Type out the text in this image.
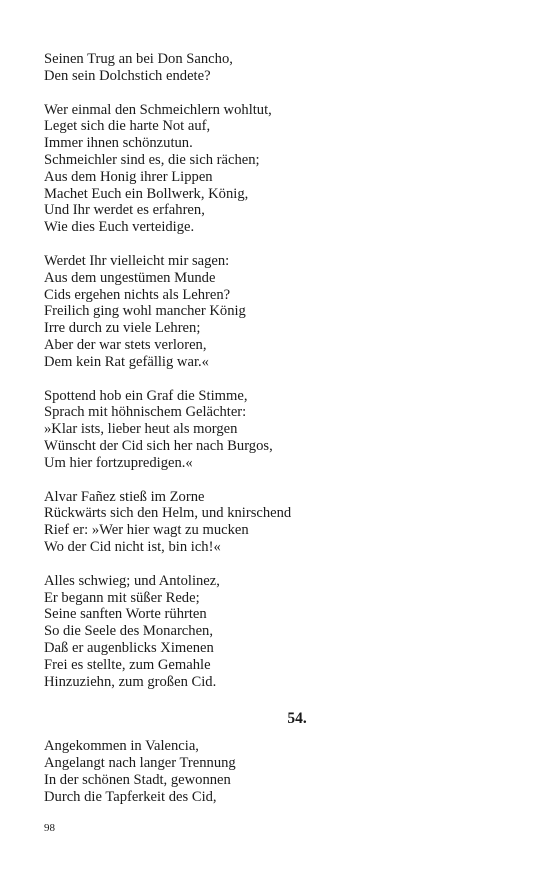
Seinen Trug an bei Don Sancho,
Den sein Dolchstich endete?
Wer einmal den Schmeichlern wohltut,
Leget sich die harte Not auf,
Immer ihnen schönzutun.
Schmeichler sind es, die sich rächen;
Aus dem Honig ihrer Lippen
Machet Euch ein Bollwerk, König,
Und Ihr werdet es erfahren,
Wie dies Euch verteidige.
Werdet Ihr vielleicht mir sagen:
Aus dem ungestümen Munde
Cids ergehen nichts als Lehren?
Freilich ging wohl mancher König
Irre durch zu viele Lehren;
Aber der war stets verloren,
Dem kein Rat gefällig war.«
Spottend hob ein Graf die Stimme,
Sprach mit höhnischem Gelächter:
»Klar ists, lieber heut als morgen
Wünscht der Cid sich her nach Burgos,
Um hier fortzupredigen.«
Alvar Fañez stieß im Zorne
Rückwärts sich den Helm, und knirschend
Rief er: »Wer hier wagt zu mucken
Wo der Cid nicht ist, bin ich!«
Alles schwieg; und Antolinez,
Er begann mit süßer Rede;
Seine sanften Worte rührten
So die Seele des Monarchen,
Daß er augenblicks Ximenen
Frei es stellte, zum Gemahle
Hinzuziehn, zum großen Cid.
54.
Angekommen in Valencia,
Angelangt nach langer Trennung
In der schönen Stadt, gewonnen
Durch die Tapferkeit des Cid,
98
